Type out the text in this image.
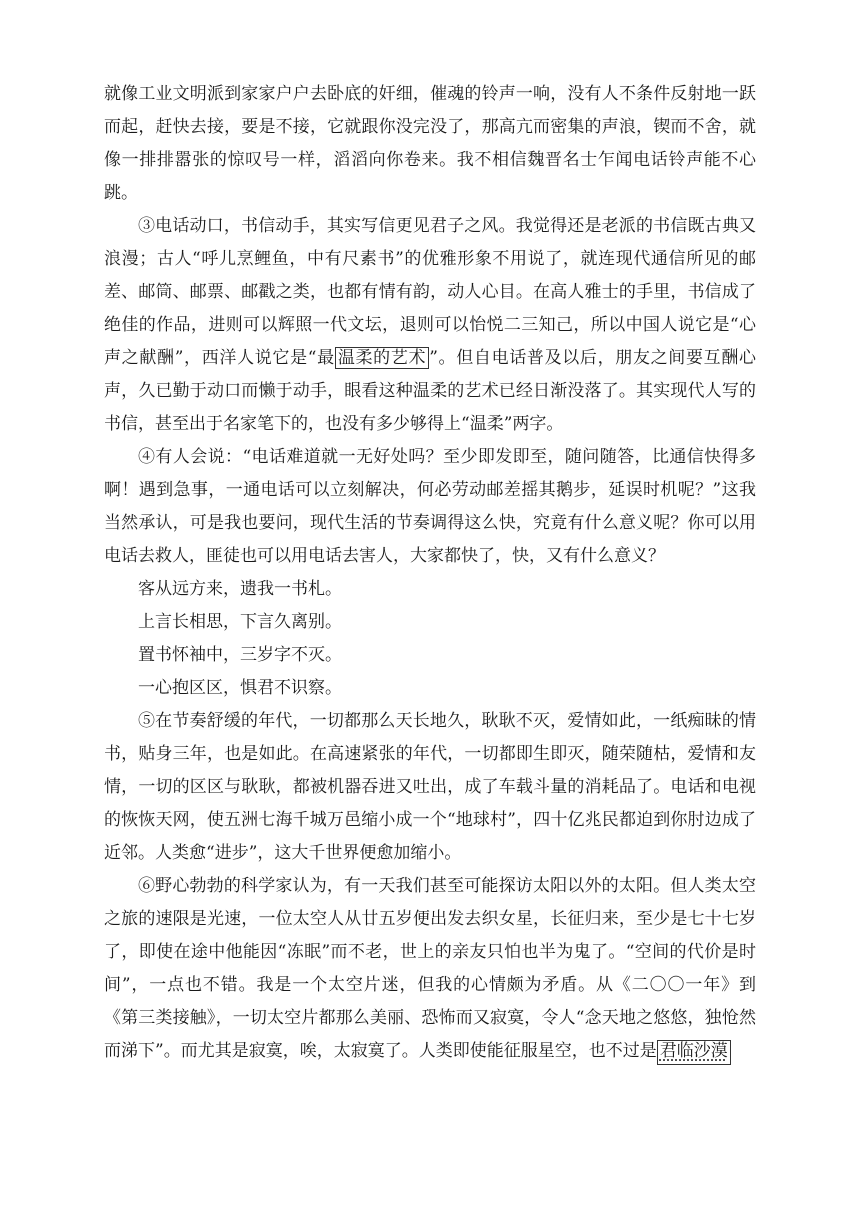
就像工业文明派到家家户户去卧底的奸细，催魂的铃声一响，没有人不条件反射地一跃而起，赶快去接，要是不接，它就跟你没完没了，那高亢而密集的声浪，锲而不舍，就像一排排嚣张的惊叹号一样，滔滔向你卷来。我不相信魏晋名士乍闻电话铃声能不心跳。

③电话动口，书信动手，其实写信更见君子之风。我觉得还是老派的书信既古典又浪漫；古人“呼儿烹鲤鱼，中有尺素书”的优雅形象不用说了，就连现代通信所见的邮差、邮筒、邮票、邮戳之类，也都有情有韵，动人心目。在高人雅士的手里，书信成了绝佳的作品，进则可以辉照一代文坛，退则可以怡悦二三知己，所以中国人说它是“心声之献酬”，西洋人说它是“最 温柔的艺术 ”。但自电话普及以后，朋友之间要互酬心声，久已勤于动口而懒于动手，眼看这种温柔的艺术已经日渐没落了。其实现代人写的书信，甚至出于名家笔下的，也没有多少够得上“温柔”两字。

④有人会说：“电话难道就一无好处吗？至少即发即至，随问随答，比通信快得多啊！遇到急事，一通电话可以立刻解决，何必劳动邮差摇其鹅步，延误时机呢？”这我当然承认，可是我也要问，现代生活的节奏调得这么快，究竟有什么意义呢？你可以用电话去救人，匪徒也可以用电话去害人，大家都快了，快，又有什么意义？

客从远方来，遗我一书札。

上言长相思，下言久离别。

置书怀袖中，三岁字不灭。

一心抱区区，惧君不识察。

⑤在节奏舒缓的年代，一切都那么天长地久，耿耿不灭，爱情如此，一纸痴昧的情书，贴身三年，也是如此。在高速紧张的年代，一切都即生即灭，随荣随枯，爱情和友情，一切的区区与耿耿，都被机器吞进又吐出，成了车载斗量的消耗品了。电话和电视的恢恢天网，使五洲七海千城万邑缩小成一个“地球村”，四十亿兆民都迫到你肘边成了近邻。人类愈“进步”，这大千世界便愈加缩小。

⑥野心勃勃的科学家认为，有一天我们甚至可能探访太阳以外的太阳。但人类太空之旅的速限是光速，一位太空人从廿五岁便出发去织女星，长征归来，至少是七十七岁了，即使在途中他能因“冻眠”而不老，世上的亲友只怕也半为鬼了。“空间的代价是时间”，一点也不错。我是一个太空片迷，但我的心情颇为矛盾。从《二〇〇一年》到《第三类接触》，一切太空片都那么美丽、恐怖而又寂寞，令人“念天地之悠悠，独怆然而涕下”。而尤其是寂寞，唉，太寂寞了。人类即使能征服星空，也不过是 君临沙漠
